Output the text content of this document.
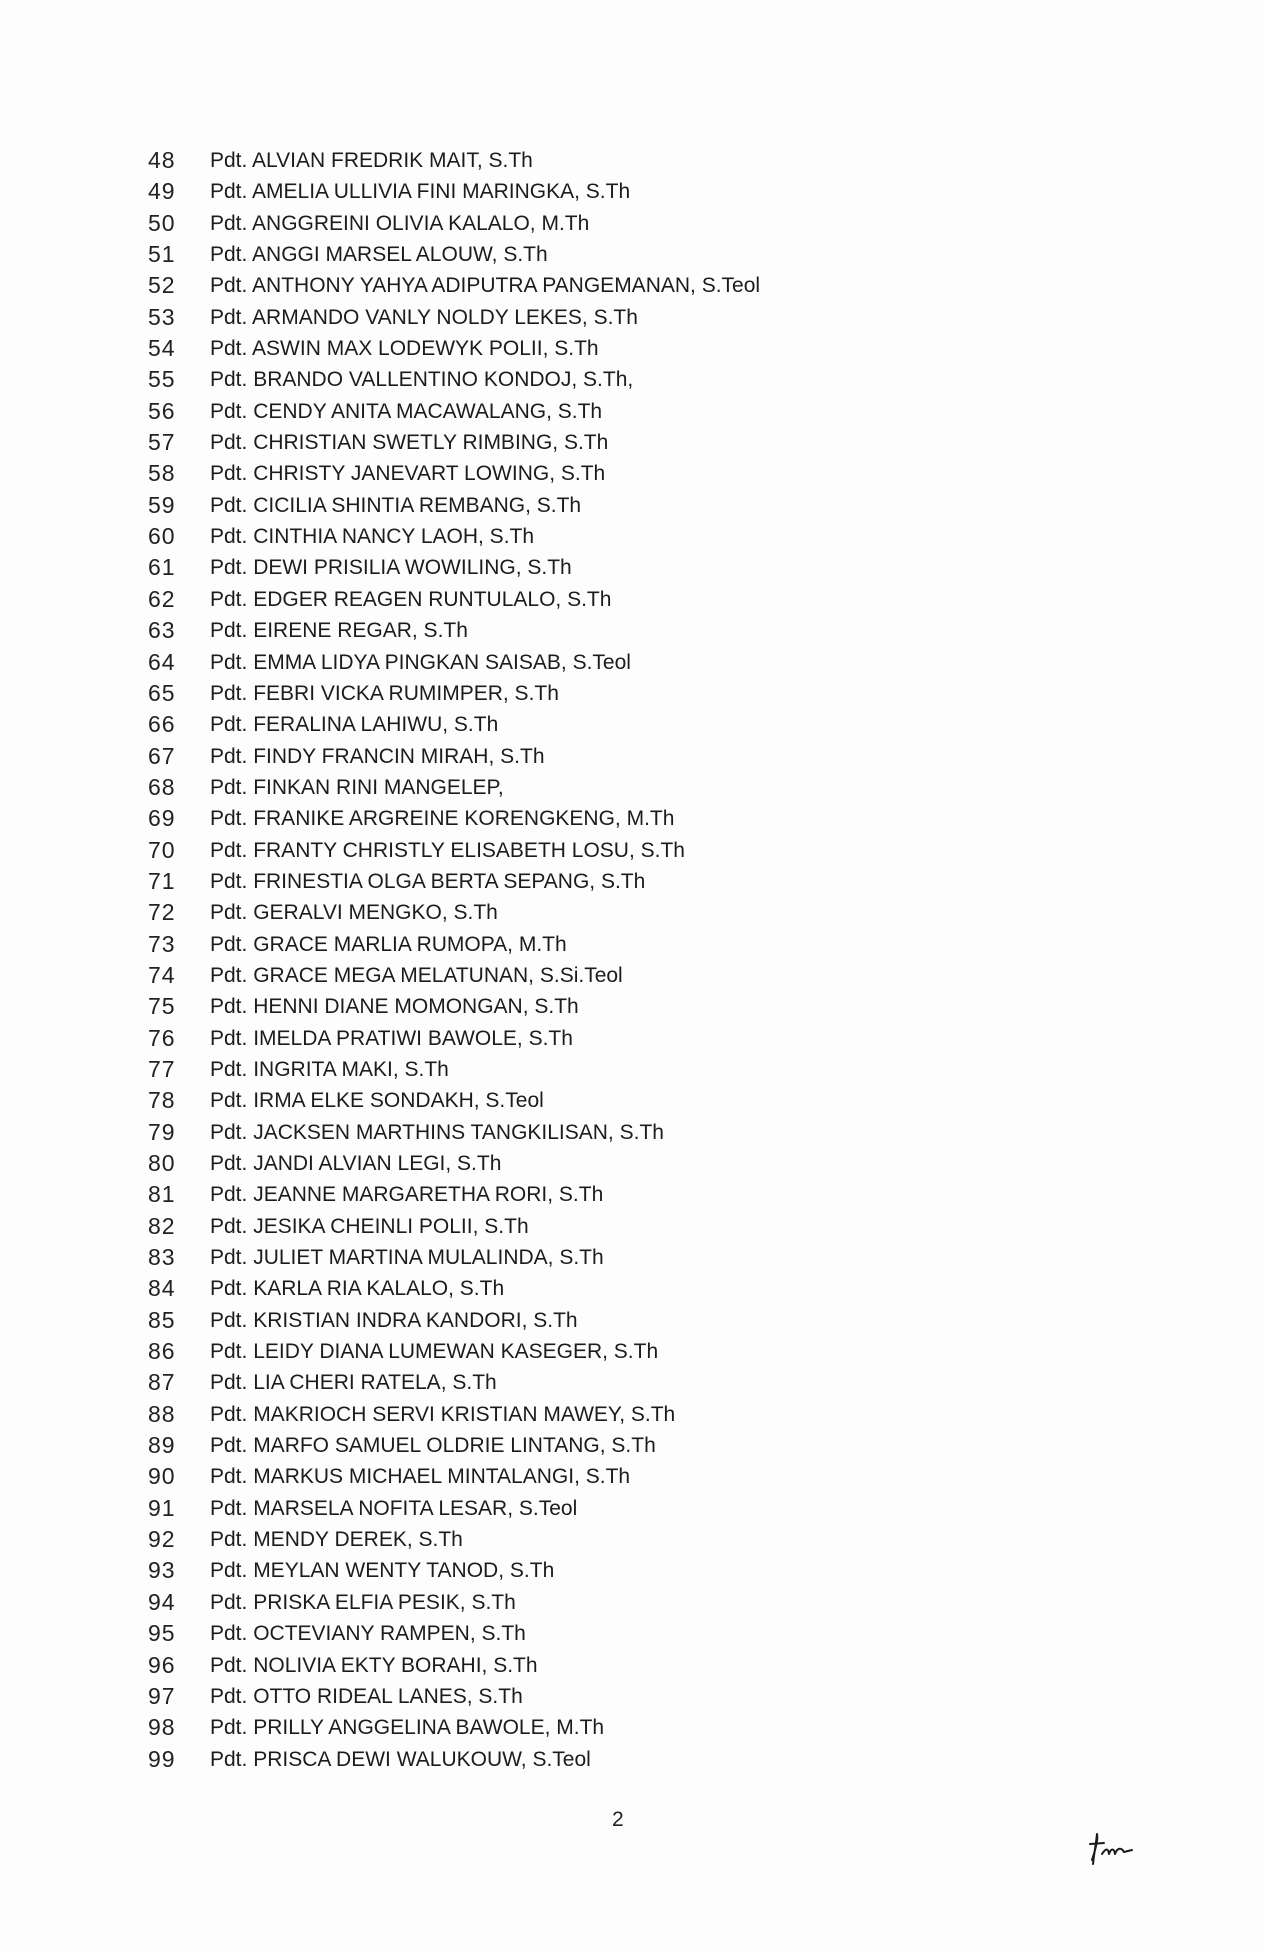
48	Pdt. ALVIAN FREDRIK MAIT, S.Th
49	Pdt. AMELIA ULLIVIA FINI MARINGKA, S.Th
50	Pdt. ANGGREINI OLIVIA KALALO, M.Th
51	Pdt. ANGGI MARSEL ALOUW, S.Th
52	Pdt. ANTHONY YAHYA ADIPUTRA PANGEMANAN, S.Teol
53	Pdt. ARMANDO VANLY NOLDY LEKES, S.Th
54	Pdt. ASWIN MAX LODEWYK POLII, S.Th
55	Pdt. BRANDO VALLENTINO KONDOJ, S.Th,
56	Pdt. CENDY ANITA MACAWALANG, S.Th
57	Pdt. CHRISTIAN SWETLY RIMBING, S.Th
58	Pdt. CHRISTY JANEVART LOWING, S.Th
59	Pdt. CICILIA SHINTIA REMBANG, S.Th
60	Pdt. CINTHIA NANCY LAOH, S.Th
61	Pdt. DEWI PRISILIA WOWILING, S.Th
62	Pdt. EDGER REAGEN RUNTULALO, S.Th
63	Pdt. EIRENE REGAR, S.Th
64	Pdt. EMMA LIDYA PINGKAN SAISAB, S.Teol
65	Pdt. FEBRI VICKA RUMIMPER, S.Th
66	Pdt. FERALINA LAHIWU, S.Th
67	Pdt. FINDY FRANCIN MIRAH, S.Th
68	Pdt. FINKAN RINI MANGELEP,
69	Pdt. FRANIKE ARGREINE KORENGKENG, M.Th
70	Pdt. FRANTY CHRISTLY ELISABETH LOSU, S.Th
71	Pdt. FRINESTIA OLGA BERTA SEPANG, S.Th
72	Pdt. GERALVI MENGKO, S.Th
73	Pdt. GRACE MARLIA RUMOPA, M.Th
74	Pdt. GRACE MEGA MELATUNAN, S.Si.Teol
75	Pdt. HENNI DIANE MOMONGAN, S.Th
76	Pdt. IMELDA PRATIWI BAWOLE, S.Th
77	Pdt. INGRITA MAKI, S.Th
78	Pdt. IRMA ELKE SONDAKH, S.Teol
79	Pdt. JACKSEN MARTHINS TANGKILISAN, S.Th
80	Pdt. JANDI ALVIAN LEGI, S.Th
81	Pdt. JEANNE MARGARETHA RORI, S.Th
82	Pdt. JESIKA CHEINLI POLII, S.Th
83	Pdt. JULIET MARTINA MULALINDA, S.Th
84	Pdt. KARLA RIA KALALO, S.Th
85	Pdt. KRISTIAN INDRA KANDORI, S.Th
86	Pdt. LEIDY DIANA LUMEWAN KASEGER, S.Th
87	Pdt. LIA CHERI RATELA, S.Th
88	Pdt. MAKRIOCH SERVI KRISTIAN MAWEY, S.Th
89	Pdt. MARFO SAMUEL OLDRIE LINTANG, S.Th
90	Pdt. MARKUS MICHAEL MINTALANGI, S.Th
91	Pdt. MARSELA NOFITA LESAR, S.Teol
92	Pdt. MENDY DEREK, S.Th
93	Pdt. MEYLAN WENTY TANOD, S.Th
94	Pdt. PRISKA ELFIA PESIK, S.Th
95	Pdt. OCTEVIANY RAMPEN, S.Th
96	Pdt. NOLIVIA EKTY BORAHI, S.Th
97	Pdt. OTTO RIDEAL LANES, S.Th
98	Pdt. PRILLY ANGGELINA BAWOLE, M.Th
99	Pdt. PRISCA DEWI WALUKOUW, S.Teol
2
